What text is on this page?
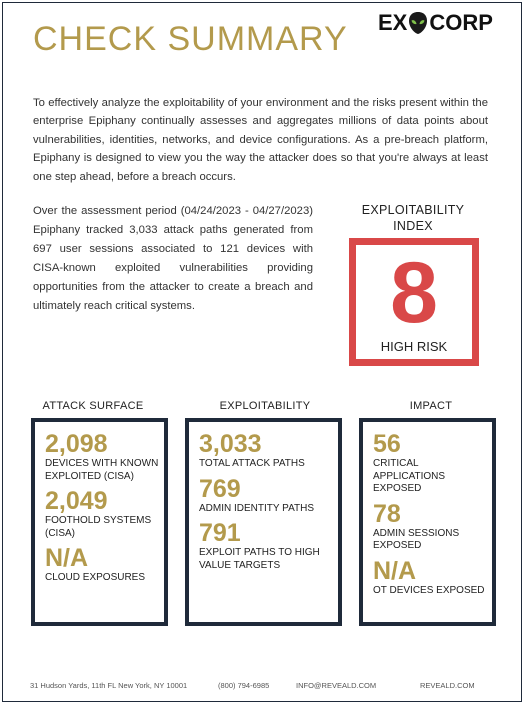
CHECK SUMMARY EX CORP

To effectively analyze the exploitability of your environment and the risks present within the enterprise Epiphany continually assesses and aggregates millions of data points about vulnerabilities, identities, networks, and device configurations. As a pre-breach platform, Epiphany is designed to view you the way the attacker does so that you're always at least one step ahead, before a breach occurs.

Over the assessment period (04/24/2023 - 04/27/2023) Epiphany tracked 3,033 attack paths generated from 697 user sessions associated to 121 devices with CISA-known exploited vulnerabilities providing opportunities from the attacker to create a breach and ultimately reach critical systems.

EXPLOITABILITY INDEX
8
HIGH RISK
ATTACK SURFACE
2,098
DEVICES WITH KNOWN EXPLOITED (CISA)
2,049
FOOTHOLD SYSTEMS (CISA)
N/A
CLOUD EXPOSURES
EXPLOITABILITY
3,033
TOTAL ATTACK PATHS
769
ADMIN IDENTITY PATHS
791
EXPLOIT PATHS TO HIGH VALUE TARGETS
IMPACT
56
CRITICAL APPLICATIONS EXPOSED
78
ADMIN SESSIONS EXPOSED
N/A
OT DEVICES EXPOSED
31 Hudson Yards, 11th FL New York, NY 10001	(800) 794-6985	INFO@REVEALD.COM	REVEALD.COM
